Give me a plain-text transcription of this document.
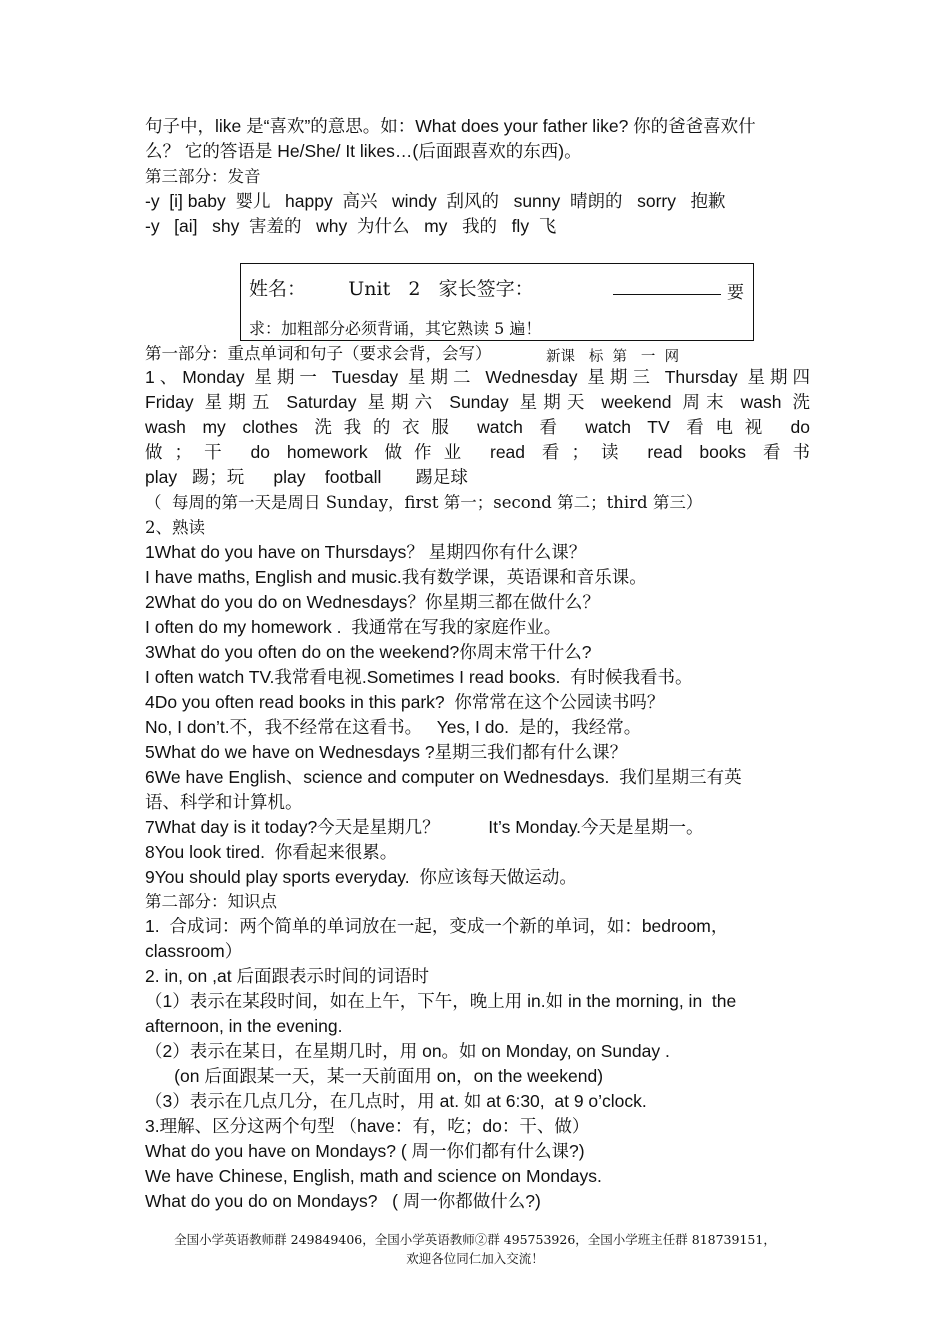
句子中，like 是“喜欢”的意思。如：What does your father like? 你的爸爸喜欢什
么？ 它的答语是 He/She/ It likes…(后面跟喜欢的东西)。
第三部分：发音
-y  [i] baby  婴儿   happy  高兴   windy  刮风的   sunny  晴朗的   sorry   抱歉
-y   [ai]   shy  害羞的   why  为什么   my   我的   fly  飞
姓名： Unit   2 家长签字：	要
求：加粗部分必须背诵，其它熟读 5 遍！
第一部分：重点单词和句子（要求会背，会写）	新课   标  第   一  网
1、Monday 星期一 Tuesday 星期二 Wednesday 星期三 Thursday 星期四
Friday 星期五 Saturday 星期六 Sunday 星期天 weekend 周末 wash 洗
wash my clothes 洗我的衣服 watch 看 watch TV 看电视 do
做；干 do homework 做作业 read 看；读 read books 看书
play   踢；玩      play    football       踢足球
（  每周的第一天是周日 Sunday，first 第一；second 第二；third 第三）
2、熟读
1What do you have on Thursdays？ 星期四你有什么课？
I have maths, English and music.我有数学课，英语课和音乐课。
2What do you do on Wednesdays？你星期三都在做什么？
I often do my homework .  我通常在写我的家庭作业。
3What do you often do on the weekend?你周末常干什么?
I often watch TV.我常看电视.Sometimes I read books.  有时候我看书。
4Do you often read books in this park?  你常常在这个公园读书吗？
No, I don’t.不，我不经常在这看书。   Yes, I do.  是的，我经常。
5What do we have on Wednesdays ?星期三我们都有什么课？
6We have English、science and computer on Wednesdays.  我们星期三有英
语、科学和计算机。
7What day is it today?今天是星期几？          It’s Monday.今天是星期一。
8You look tired.  你看起来很累。
9You should play sports everyday.  你应该每天做运动。
第二部分：知识点
1.  合成词：两个简单的单词放在一起，变成一个新的单词，如：bedroom，
classroom）
2. in, on ,at 后面跟表示时间的词语时
（1）表示在某段时间，如在上午，下午，晚上用 in.如 in the morning, in  the
afternoon, in the evening.
（2）表示在某日，在星期几时，用 on。如 on Monday, on Sunday .
(on 后面跟某一天，某一天前面用 on，on the weekend)
（3）表示在几点几分，在几点时，用 at. 如 at 6:30,  at 9 o’clock.
3.理解、区分这两个句型 （have：有，吃；do：干、做）
What do you have on Mondays? ( 周一你们都有什么课?)
We have Chinese, English, math and science on Mondays.
What do you do on Mondays?   ( 周一你都做什么?)
全国小学英语教师群 249849406，全国小学英语教师②群 495753926，全国小学班主任群 818739151，
欢迎各位同仁加入交流！
